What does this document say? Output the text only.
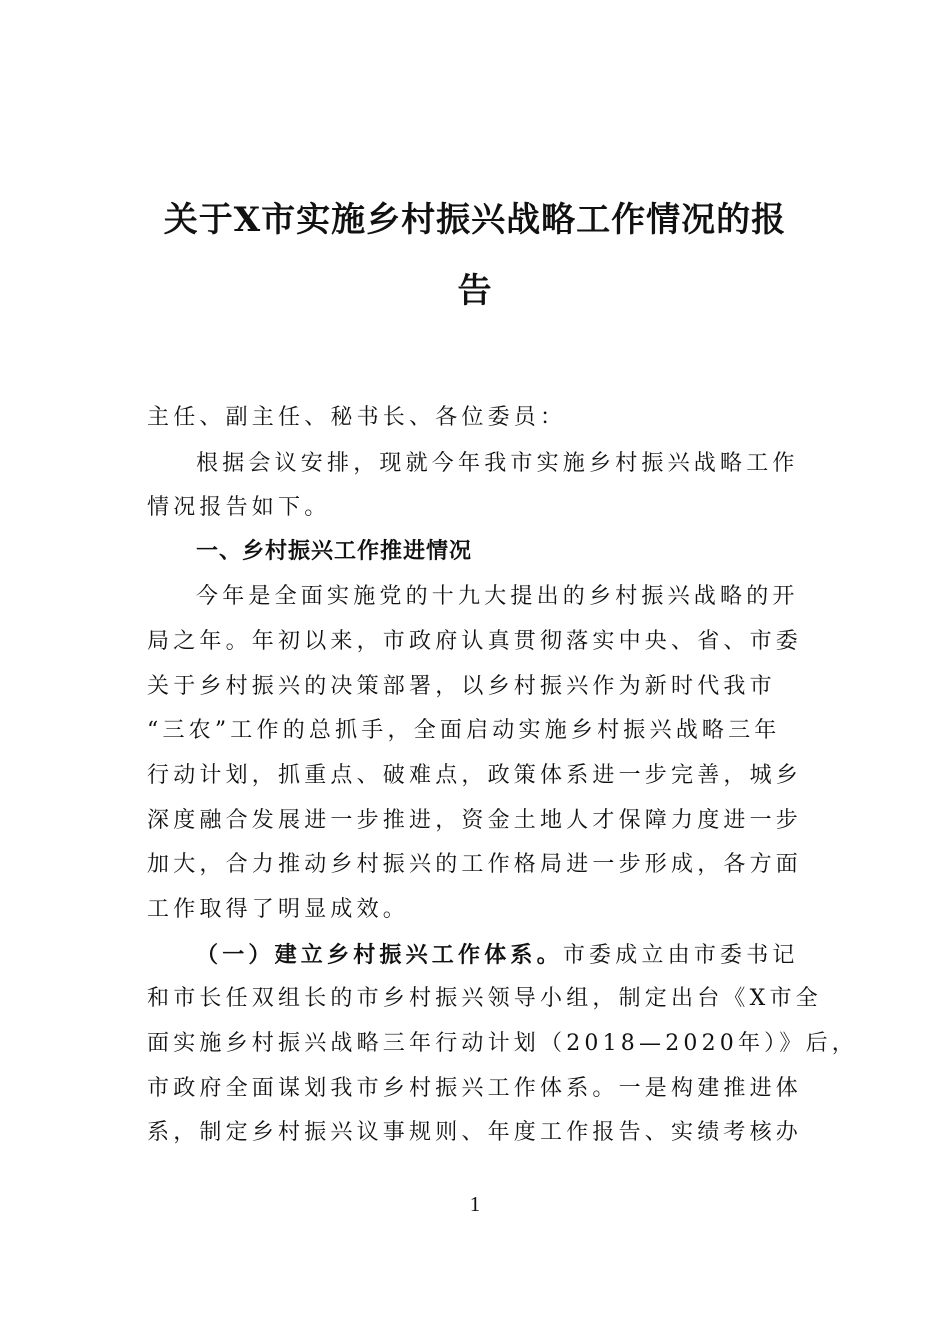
关于X市实施乡村振兴战略工作情况的报
告
主任、副主任、秘书长、各位委员：
根据会议安排，现就今年我市实施乡村振兴战略工作
情况报告如下。
一、乡村振兴工作推进情况
今年是全面实施党的十九大提出的乡村振兴战略的开
局之年。年初以来，市政府认真贯彻落实中央、省、市委
关于乡村振兴的决策部署，以乡村振兴作为新时代我市
“三农”工作的总抓手，全面启动实施乡村振兴战略三年
行动计划，抓重点、破难点，政策体系进一步完善，城乡
深度融合发展进一步推进，资金土地人才保障力度进一步
加大，合力推动乡村振兴的工作格局进一步形成，各方面
工作取得了明显成效。
（一）建立乡村振兴工作体系。市委成立由市委书记
和市长任双组长的市乡村振兴领导小组，制定出台《X市全
面实施乡村振兴战略三年行动计划（2018—2020年）》后，
市政府全面谋划我市乡村振兴工作体系。一是构建推进体
系，制定乡村振兴议事规则、年度工作报告、实绩考核办
1
